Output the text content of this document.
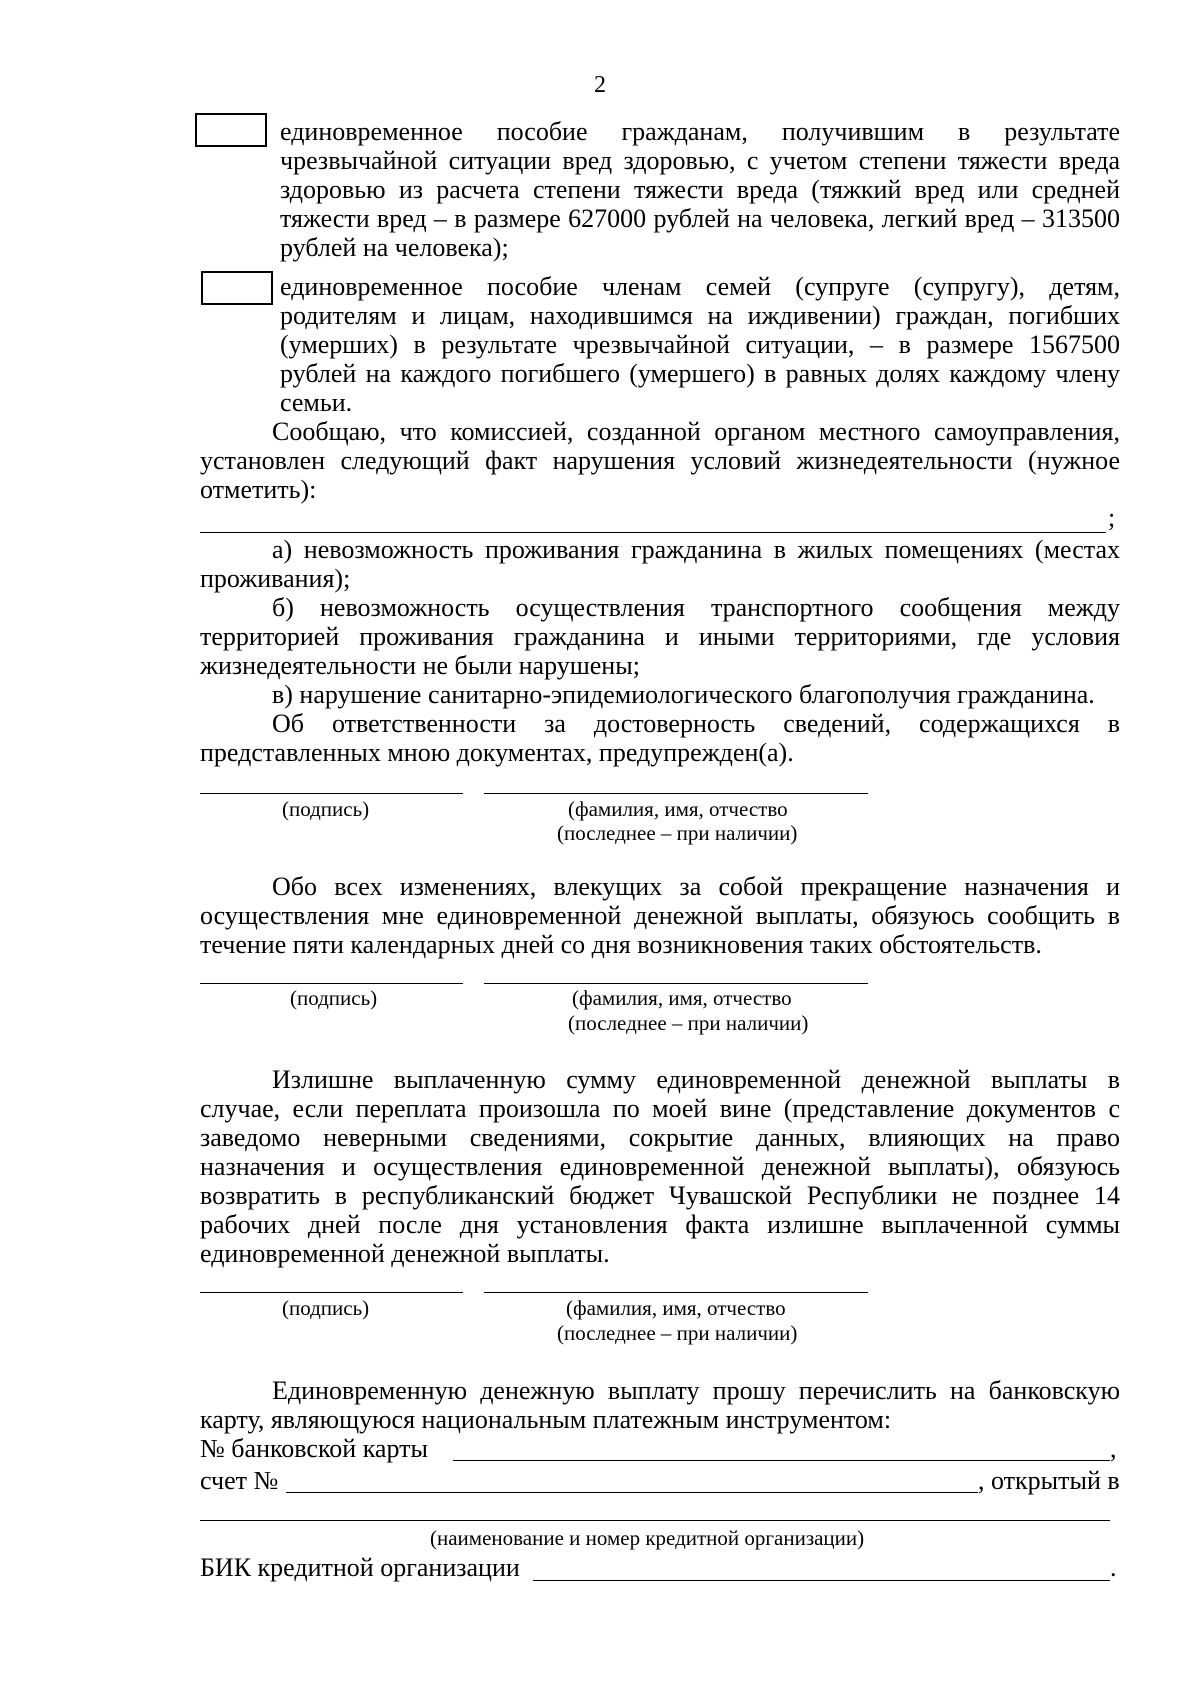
2
единовременное пособие гражданам, получившим в результате чрезвычайной ситуации вред здоровью, с учетом степени тяжести вреда здоровью из расчета степени тяжести вреда (тяжкий вред или средней тяжести вред – в размере 627000 рублей на человека, легкий вред – 313500 рублей на человека);
единовременное пособие членам семей (супруге (супругу), детям, родителям и лицам, находившимся на иждивении) граждан, погибших (умерших) в результате чрезвычайной ситуации, – в размере 1567500 рублей на каждого погибшего (умершего) в равных долях каждому члену семьи.
Сообщаю, что комиссией, созданной органом местного самоуправления, установлен следующий факт нарушения условий жизнедеятельности (нужное отметить):
;
а) невозможность проживания гражданина в жилых помещениях (местах проживания);
б) невозможность осуществления транспортного сообщения между территорией проживания гражданина и иными территориями, где условия жизнедеятельности не были нарушены;
в) нарушение санитарно-эпидемиологического благополучия гражданина.
Об ответственности за достоверность сведений, содержащихся в представленных мною документах, предупрежден(а).
(подпись)	(фамилия, имя, отчество
(последнее – при наличии)
Обо всех изменениях, влекущих за собой прекращение назначения и осуществления мне единовременной денежной выплаты, обязуюсь сообщить в течение пяти календарных дней со дня возникновения таких обстоятельств.
(подпись)	(фамилия, имя, отчество
(последнее – при наличии)
Излишне выплаченную сумму единовременной денежной выплаты в случае, если переплата произошла по моей вине (представление документов с заведомо неверными сведениями, сокрытие данных, влияющих на право назначения и осуществления единовременной денежной выплаты), обязуюсь возвратить в республиканский бюджет Чувашской Республики не позднее 14 рабочих дней после дня установления факта излишне выплаченной суммы единовременной денежной выплаты.
(подпись)	(фамилия, имя, отчество
(последнее – при наличии)
Единовременную денежную выплату прошу перечислить на банковскую карту, являющуюся национальным платежным инструментом:
№ банковской карты	,
счет №	, открытый в
(наименование и номер кредитной организации)
БИК кредитной организации	.
